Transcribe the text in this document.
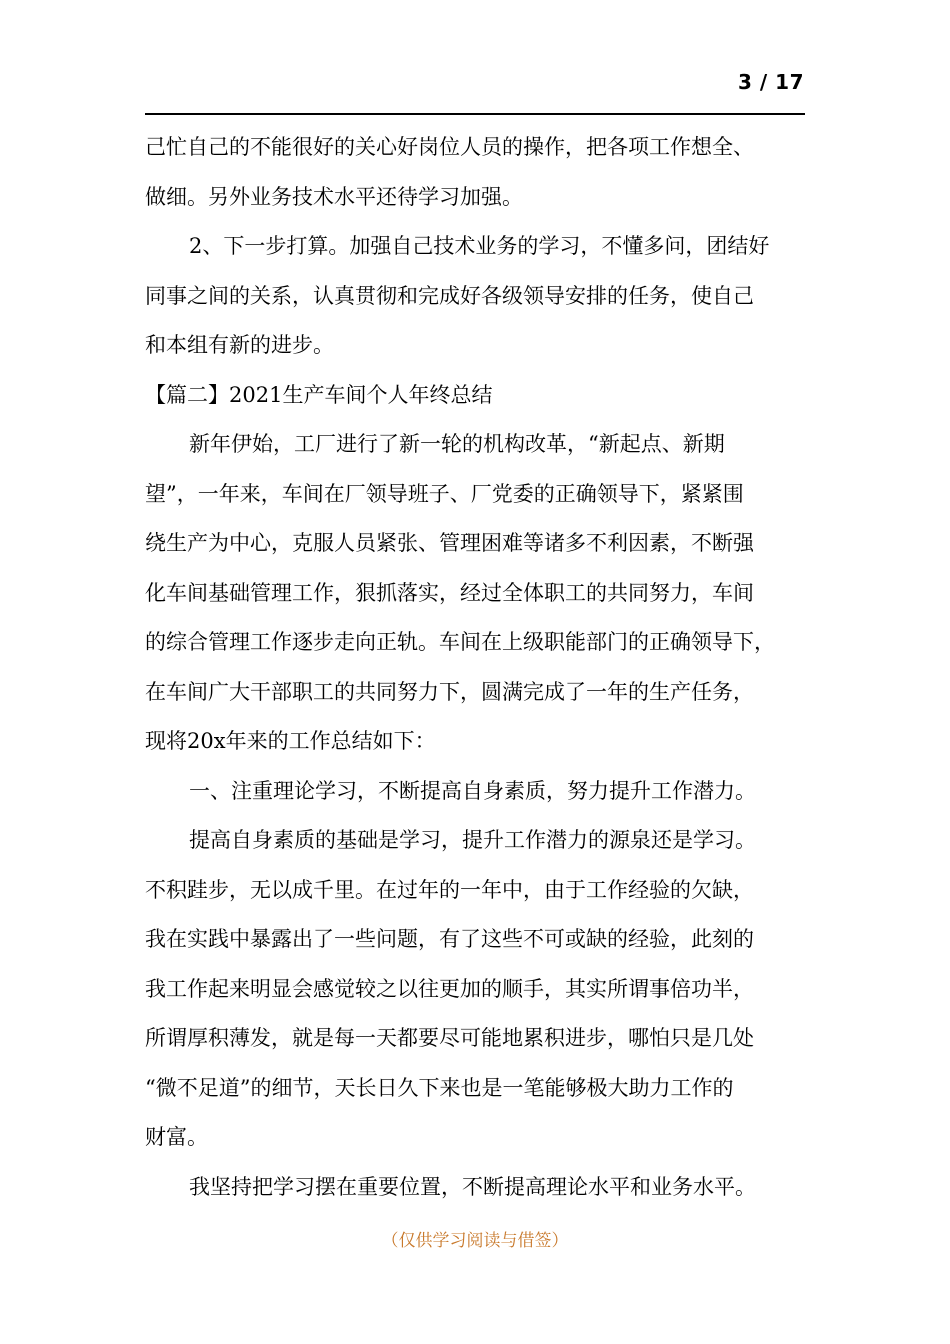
3 / 17
己忙自己的不能很好的关心好岗位人员的操作，把各项工作想全、
做细。另外业务技术水平还待学习加强。
2、下一步打算。加强自己技术业务的学习，不懂多问，团结好
同事之间的关系，认真贯彻和完成好各级领导安排的任务，使自己
和本组有新的进步。
【篇二】2021生产车间个人年终总结
新年伊始，工厂进行了新一轮的机构改革，“新起点、新期
望”，一年来，车间在厂领导班子、厂党委的正确领导下，紧紧围
绕生产为中心，克服人员紧张、管理困难等诸多不利因素，不断强
化车间基础管理工作，狠抓落实，经过全体职工的共同努力，车间
的综合管理工作逐步走向正轨。车间在上级职能部门的正确领导下，
在车间广大干部职工的共同努力下，圆满完成了一年的生产任务，
现将20x年来的工作总结如下：
一、注重理论学习，不断提高自身素质，努力提升工作潜力。
提高自身素质的基础是学习，提升工作潜力的源泉还是学习。
不积跬步，无以成千里。在过年的一年中，由于工作经验的欠缺，
我在实践中暴露出了一些问题，有了这些不可或缺的经验，此刻的
我工作起来明显会感觉较之以往更加的顺手，其实所谓事倍功半，
所谓厚积薄发，就是每一天都要尽可能地累积进步，哪怕只是几处
“微不足道”的细节，天长日久下来也是一笔能够极大助力工作的
财富。
我坚持把学习摆在重要位置，不断提高理论水平和业务水平。
（仅供学习阅读与借签）
